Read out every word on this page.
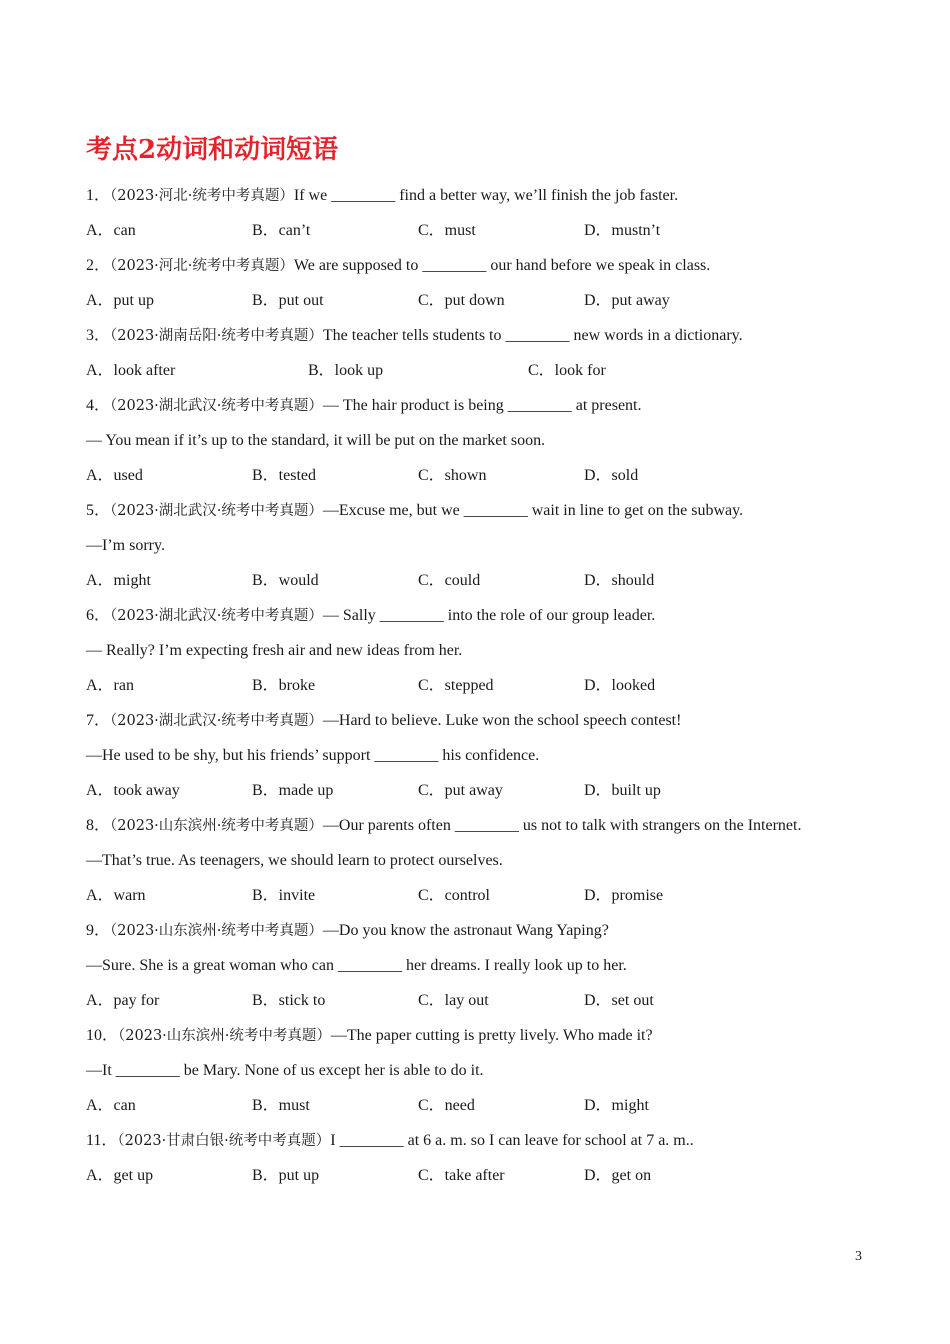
考点2动词和动词短语
1．（2023·河北·统考中考真题）If we ________ find a better way, we’ll finish the job faster.
A．can	B．can’t	C．must	D．mustn’t
2．（2023·河北·统考中考真题）We are supposed to ________ our hand before we speak in class.
A．put up	B．put out	C．put down	D．put away
3．（2023·湖南岳阳·统考中考真题）The teacher tells students to ________ new words in a dictionary.
A．look after	B．look up	C．look for
4．（2023·湖北武汉·统考中考真题）— The hair product is being ________ at present.
— You mean if it’s up to the standard, it will be put on the market soon.
A．used	B．tested	C．shown	D．sold
5．（2023·湖北武汉·统考中考真题）—Excuse me, but we ________ wait in line to get on the subway.
—I’m sorry.
A．might	B．would	C．could	D．should
6．（2023·湖北武汉·统考中考真题）— Sally ________ into the role of our group leader.
— Really? I’m expecting fresh air and new ideas from her.
A．ran	B．broke	C．stepped	D．looked
7．（2023·湖北武汉·统考中考真题）—Hard to believe. Luke won the school speech contest!
—He used to be shy, but his friends’ support ________ his confidence.
A．took away	B．made up	C．put away	D．built up
8．（2023·山东滨州·统考中考真题）—Our parents often ________ us not to talk with strangers on the Internet.
—That’s true. As teenagers, we should learn to protect ourselves.
A．warn	B．invite	C．control	D．promise
9．（2023·山东滨州·统考中考真题）—Do you know the astronaut Wang Yaping?
—Sure. She is a great woman who can ________ her dreams. I really look up to her.
A．pay for	B．stick to	C．lay out	D．set out
10．（2023·山东滨州·统考中考真题）—The paper cutting is pretty lively. Who made it?
—It ________ be Mary. None of us except her is able to do it.
A．can	B．must	C．need	D．might
11．（2023·甘肃白银·统考中考真题）I ________ at 6 a. m. so I can leave for school at 7 a. m..
A．get up	B．put up	C．take after	D．get on
3
